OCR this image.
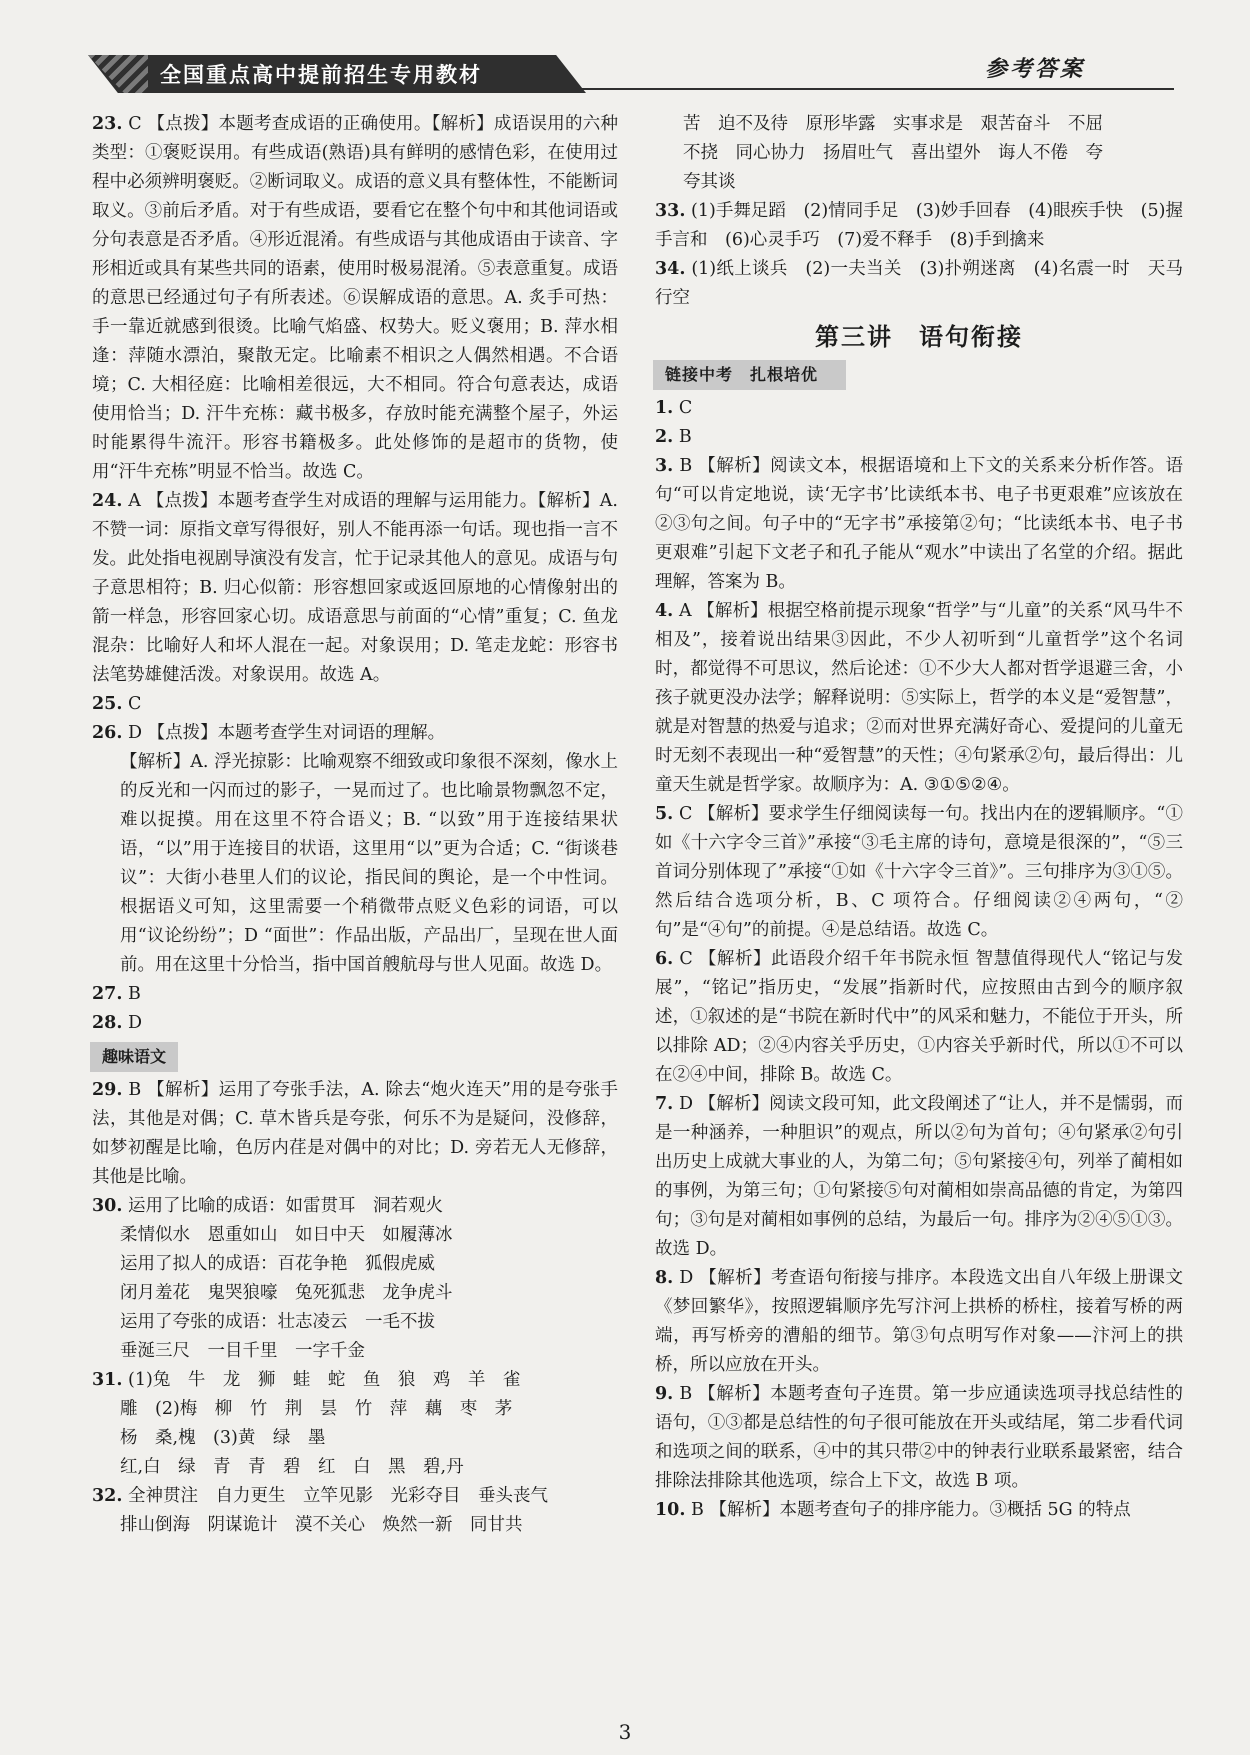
全国重点高中提前招生专用教材	参考答案

23. C 【点拨】本题考查成语的正确使用。【解析】成语误用的六种类型：①褒贬误用。有些成语(熟语)具有鲜明的感情色彩，在使用过程中必须辨明褒贬。②断词取义。成语的意义具有整体性，不能断词取义。③前后矛盾。对于有些成语，要看它在整个句中和其他词语或分句表意是否矛盾。④形近混淆。有些成语与其他成语由于读音、字形相近或具有某些共同的语素，使用时极易混淆。⑤表意重复。成语的意思已经通过句子有所表述。⑥误解成语的意思。A. 炙手可热：手一靠近就感到很烫。比喻气焰盛、权势大。贬义褒用；B. 萍水相逢：萍随水漂泊，聚散无定。比喻素不相识之人偶然相遇。不合语境；C. 大相径庭：比喻相差很远，大不相同。符合句意表达，成语使用恰当；D. 汗牛充栋：藏书极多，存放时能充满整个屋子，外运时能累得牛流汗。形容书籍极多。此处修饰的是超市的货物，使用“汗牛充栋”明显不恰当。故选 C。

24. A 【点拨】本题考查学生对成语的理解与运用能力。【解析】A. 不赞一词：原指文章写得很好，别人不能再添一句话。现也指一言不发。此处指电视剧导演没有发言，忙于记录其他人的意见。成语与句子意思相符；B. 归心似箭：形容想回家或返回原地的心情像射出的箭一样急，形容回家心切。成语意思与前面的“心情”重复；C. 鱼龙混杂：比喻好人和坏人混在一起。对象误用；D. 笔走龙蛇：形容书法笔势雄健活泼。对象误用。故选 A。

25. C

26. D 【点拨】本题考查学生对词语的理解。

【解析】A. 浮光掠影：比喻观察不细致或印象很不深刻，像水上的反光和一闪而过的影子，一晃而过了。也比喻景物飘忽不定，难以捉摸。用在这里不符合语义；B. “以致”用于连接结果状语，“以”用于连接目的状语，这里用“以”更为合适；C. “街谈巷议”：大街小巷里人们的议论，指民间的舆论，是一个中性词。根据语义可知，这里需要一个稍微带点贬义色彩的词语，可以用“议论纷纷”；D “面世”：作品出版，产品出厂，呈现在世人面前。用在这里十分恰当，指中国首艘航母与世人见面。故选 D。

27. B

28. D

趣味语文

29. B 【解析】运用了夸张手法，A. 除去“炮火连天”用的是夸张手法，其他是对偶；C. 草木皆兵是夸张，何乐不为是疑问，没修辞，如梦初醒是比喻，色厉内荏是对偶中的对比；D. 旁若无人无修辞，其他是比喻。

30. 运用了比喻的成语：如雷贯耳　洞若观火

柔情似水　恩重如山　如日中天　如履薄冰

运用了拟人的成语：百花争艳　狐假虎威

闭月羞花　鬼哭狼嚎　兔死狐悲　龙争虎斗

运用了夸张的成语：壮志凌云　一毛不拔

垂涎三尺　一目千里　一字千金

31. (1)兔　牛　龙　狮　蛙　蛇　鱼　狼　鸡　羊　雀

雕　(2)梅　柳　竹　荆　昙　竹　萍　藕　枣　茅

杨　桑,槐　(3)黄　绿　墨

红,白　绿　青　青　碧　红　白　黑　碧,丹

32. 全神贯注　自力更生　立竿见影　光彩夺目　垂头丧气

排山倒海　阴谋诡计　漠不关心　焕然一新　同甘共

苦　迫不及待　原形毕露　实事求是　艰苦奋斗　不屈

不挠　同心协力　扬眉吐气　喜出望外　诲人不倦　夸

夸其谈

33. (1)手舞足蹈　(2)情同手足　(3)妙手回春　(4)眼疾手快　(5)握手言和　(6)心灵手巧　(7)爱不释手　(8)手到擒来

34. (1)纸上谈兵　(2)一夫当关　(3)扑朔迷离　(4)名震一时　天马行空

第三讲　语句衔接
链接中考　扎根培优

1. C

2. B

3. B 【解析】阅读文本，根据语境和上下文的关系来分析作答。语句“可以肯定地说，读‘无字书’比读纸本书、电子书更艰难”应该放在②③句之间。句子中的“无字书”承接第②句；“比读纸本书、电子书更艰难”引起下文老子和孔子能从“观水”中读出了名堂的介绍。据此理解，答案为 B。

4. A 【解析】根据空格前提示现象“哲学”与“儿童”的关系“风马牛不相及”，接着说出结果③因此，不少人初听到“儿童哲学”这个名词时，都觉得不可思议，然后论述：①不少大人都对哲学退避三舍，小孩子就更没办法学；解释说明：⑤实际上，哲学的本义是“爱智慧”，就是对智慧的热爱与追求；②而对世界充满好奇心、爱提问的儿童无时无刻不表现出一种“爱智慧”的天性；④句紧承②句，最后得出：儿童天生就是哲学家。故顺序为：A. ③①⑤②④。

5. C 【解析】要求学生仔细阅读每一句。找出内在的逻辑顺序。“①如《十六字令三首》”承接“③毛主席的诗句，意境是很深的”，“⑤三首词分别体现了”承接“①如《十六字令三首》”。三句排序为③①⑤。然后结合选项分析，B、C 项符合。仔细阅读②④两句，“②句”是“④句”的前提。④是总结语。故选 C。

6. C 【解析】此语段介绍千年书院永恒 智慧值得现代人“铭记与发展”，“铭记”指历史，“发展”指新时代，应按照由古到今的顺序叙述，①叙述的是“书院在新时代中”的风采和魅力，不能位于开头，所以排除 AD；②④内容关乎历史，①内容关乎新时代，所以①不可以在②④中间，排除 B。故选 C。

7. D 【解析】阅读文段可知，此文段阐述了“让人，并不是懦弱，而是一种涵养，一种胆识”的观点，所以②句为首句；④句紧承②句引出历史上成就大事业的人，为第二句；⑤句紧接④句，列举了蔺相如的事例，为第三句；①句紧接⑤句对蔺相如崇高品德的肯定，为第四句；③句是对蔺相如事例的总结，为最后一句。排序为②④⑤①③。故选 D。

8. D 【解析】考查语句衔接与排序。本段选文出自八年级上册课文《梦回繁华》，按照逻辑顺序先写汴河上拱桥的桥柱，接着写桥的两端，再写桥旁的漕船的细节。第③句点明写作对象——汴河上的拱桥，所以应放在开头。

9. B 【解析】本题考查句子连贯。第一步应通读选项寻找总结性的语句，①③都是总结性的句子很可能放在开头或结尾，第二步看代词和选项之间的联系，④中的其只带②中的钟表行业联系最紧密，结合排除法排除其他选项，综合上下文，故选 B 项。

10. B 【解析】本题考查句子的排序能力。③概括 5G 的特点

3
